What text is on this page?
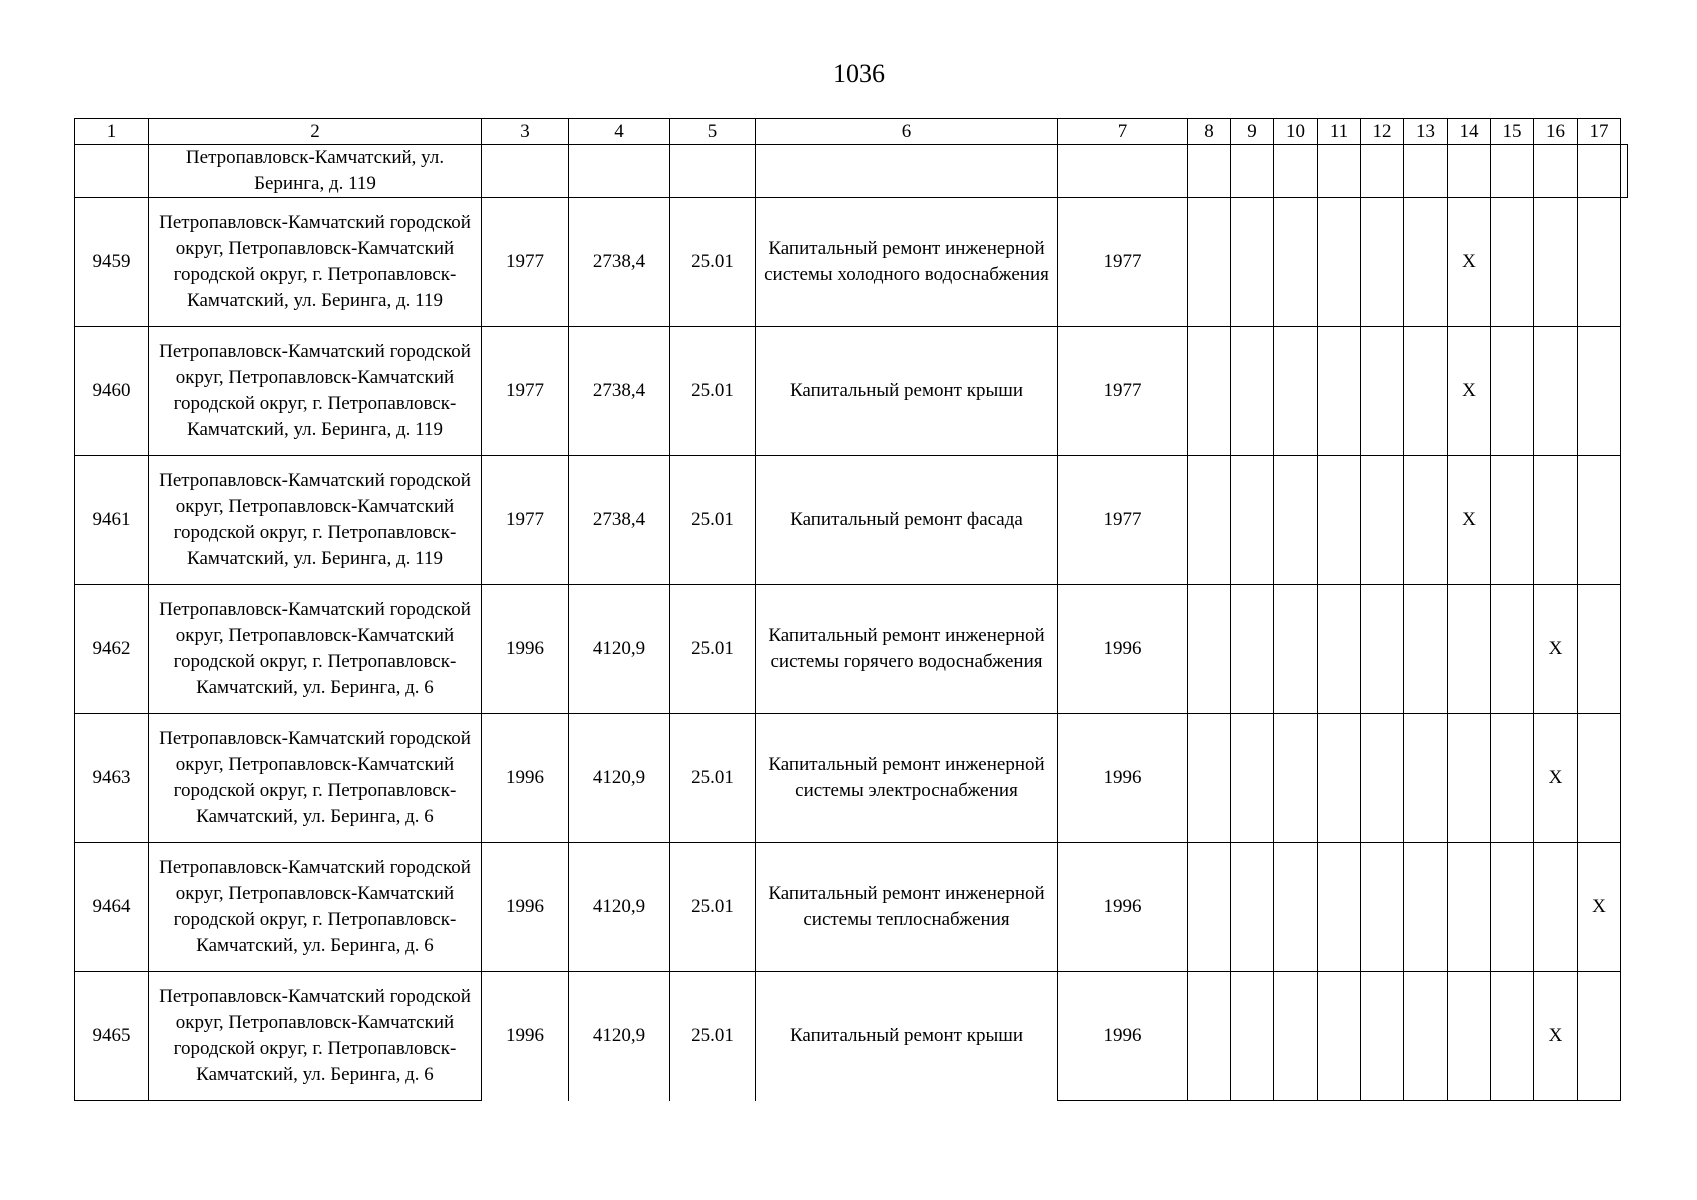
1036
1	2	3	4	5	6	7	8	9	10	11	12	13	14	15	16	17	
	Петропавловск-Камчатский, ул. Беринга, д. 119																
9459	Петропавловск-Камчатский городской округ, Петропавловск-Камчатский городской округ, г. Петропавловск-Камчатский, ул. Беринга, д. 119	1977	2738,4	25.01	Капитальный ремонт инженерной системы холодного водоснабжения	1977							X				
9460	Петропавловск-Камчатский городской округ, Петропавловск-Камчатский городской округ, г. Петропавловск-Камчатский, ул. Беринга, д. 119	1977	2738,4	25.01	Капитальный ремонт крыши	1977							X				
9461	Петропавловск-Камчатский городской округ, Петропавловск-Камчатский городской округ, г. Петропавловск-Камчатский, ул. Беринга, д. 119	1977	2738,4	25.01	Капитальный ремонт фасада	1977							X				
9462	Петропавловск-Камчатский городской округ, Петропавловск-Камчатский городской округ, г. Петропавловск-Камчатский, ул. Беринга, д. 6	1996	4120,9	25.01	Капитальный ремонт инженерной системы горячего водоснабжения	1996									X		
9463	Петропавловск-Камчатский городской округ, Петропавловск-Камчатский городской округ, г. Петропавловск-Камчатский, ул. Беринга, д. 6	1996	4120,9	25.01	Капитальный ремонт инженерной системы электроснабжения	1996									X		
9464	Петропавловск-Камчатский городской округ, Петропавловск-Камчатский городской округ, г. Петропавловск-Камчатский, ул. Беринга, д. 6	1996	4120,9	25.01	Капитальный ремонт инженерной системы теплоснабжения	1996										X	
9465	Петропавловск-Камчатский городской округ, Петропавловск-Камчатский городской округ, г. Петропавловск-Камчатский, ул. Беринга, д. 6	1996	4120,9	25.01	Капитальный ремонт крыши	1996									X		
